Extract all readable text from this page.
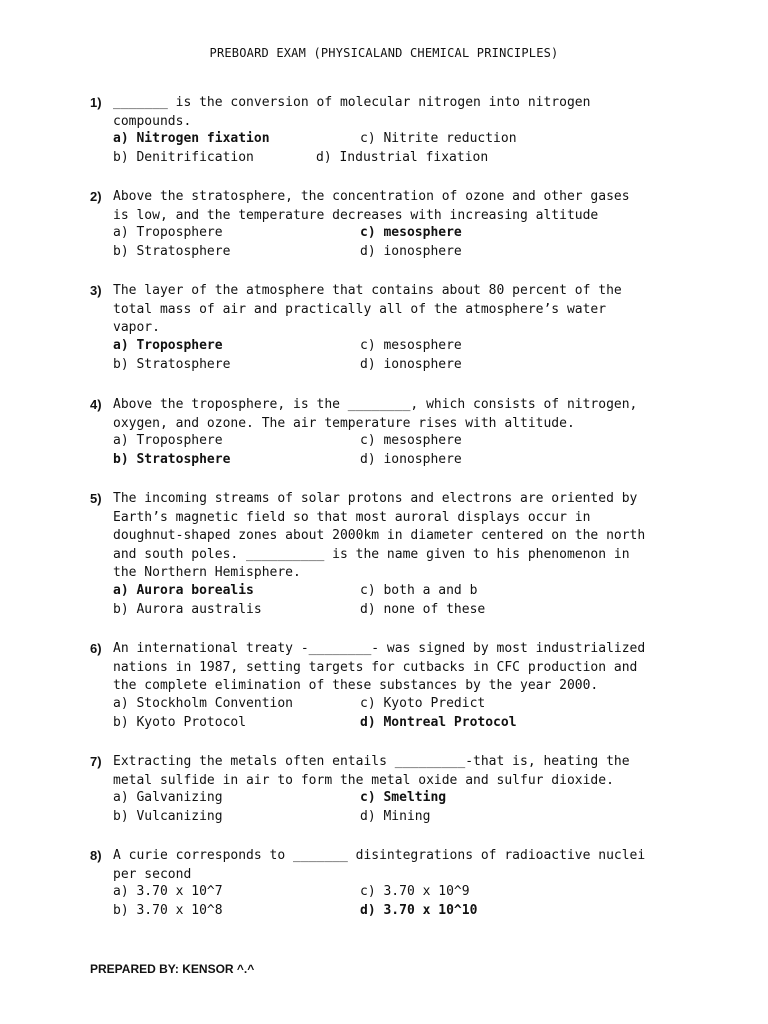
PREBOARD EXAM (PHYSICALAND CHEMICAL PRINCIPLES)
1) _______ is the conversion of molecular nitrogen into nitrogen
compounds.
a) Nitrogen fixation	c) Nitrite reduction
b) Denitrification	d) Industrial fixation
2) Above the stratosphere, the concentration of ozone and other gases
is low, and the temperature decreases with increasing altitude
a) Troposphere	c) mesosphere
b) Stratosphere	d) ionosphere
3) The layer of the atmosphere that contains about 80 percent of the
total mass of air and practically all of the atmosphere’s water
vapor.
a) Troposphere	c) mesosphere
b) Stratosphere	d) ionosphere
4) Above the troposphere, is the ________, which consists of nitrogen,
oxygen, and ozone. The air temperature rises with altitude.
a) Troposphere	c) mesosphere
b) Stratosphere	d) ionosphere
5) The incoming streams of solar protons and electrons are oriented by
Earth’s magnetic field so that most auroral displays occur in
doughnut-shaped zones about 2000km in diameter centered on the north
and south poles. __________ is the name given to his phenomenon in
the Northern Hemisphere.
a) Aurora borealis	c) both a and b
b) Aurora australis	d) none of these
6) An international treaty -________- was signed by most industrialized
nations in 1987, setting targets for cutbacks in CFC production and
the complete elimination of these substances by the year 2000.
a) Stockholm Convention	c) Kyoto Predict
b) Kyoto Protocol	d) Montreal Protocol
7) Extracting the metals often entails _________-that is, heating the
metal sulfide in air to form the metal oxide and sulfur dioxide.
a) Galvanizing	c) Smelting
b) Vulcanizing	d) Mining
8) A curie corresponds to _______ disintegrations of radioactive nuclei
per second
a) 3.70 x 10^7	c) 3.70 x 10^9
b) 3.70 x 10^8	d) 3.70 x 10^10
PREPARED BY: KENSOR ^.^
